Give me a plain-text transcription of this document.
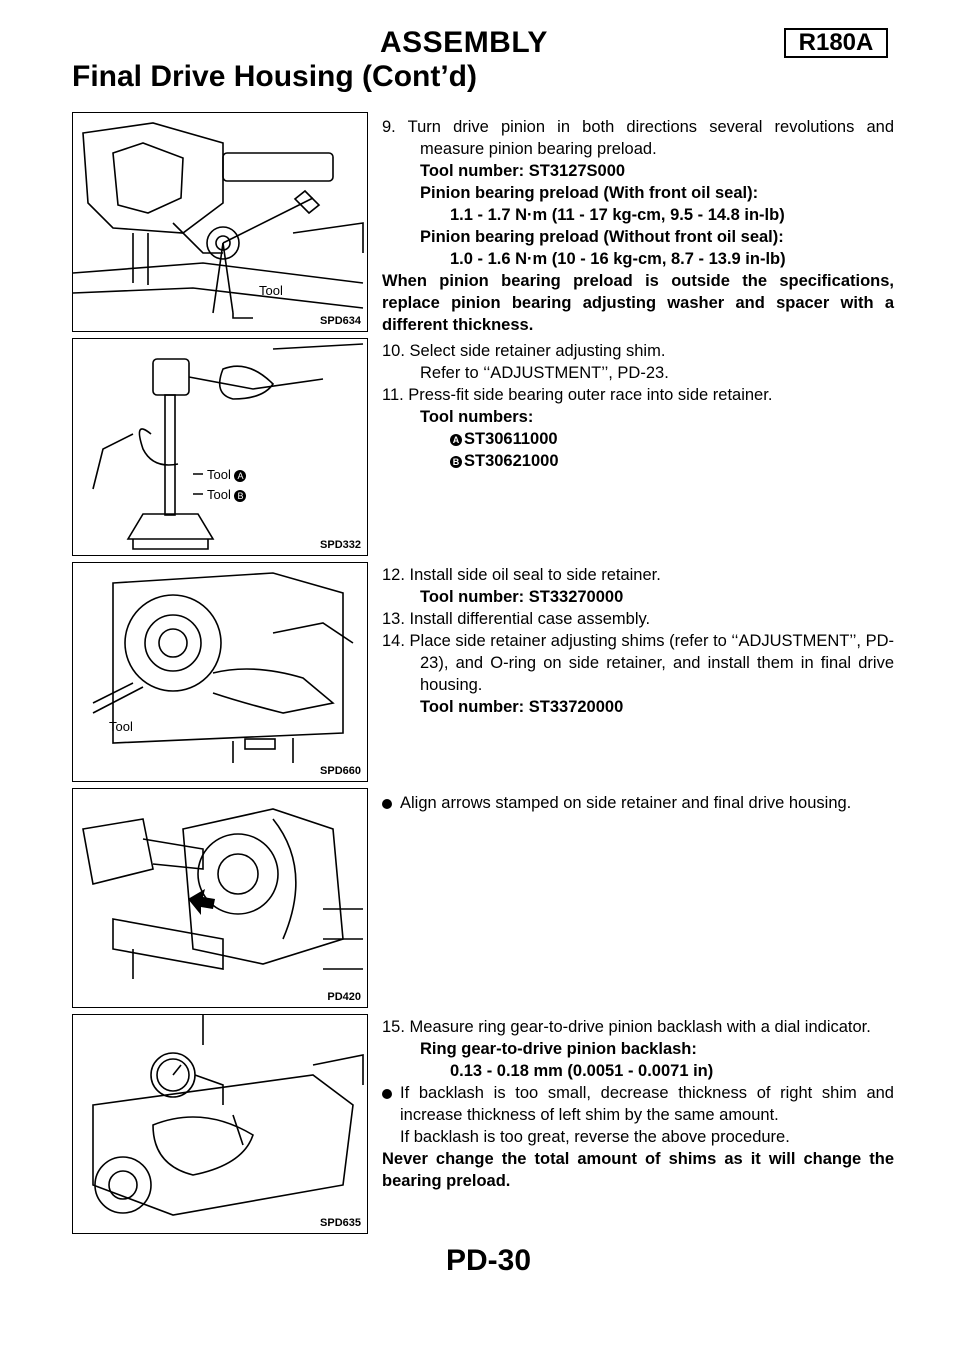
ASSEMBLY	R180A
Final Drive Housing (Cont’d)
Tool
SPD634
Tool A
Tool B
SPD332
Tool
SPD660
PD420
SPD635

9. Turn drive pinion in both directions several revolutions and measure pinion bearing preload.

Tool number: ST3127S000

Pinion bearing preload (With front oil seal):

1.1 - 1.7 N·m (11 - 17 kg-cm, 9.5 - 14.8 in-lb)

Pinion bearing preload (Without front oil seal):

1.0 - 1.6 N·m (10 - 16 kg-cm, 8.7 - 13.9 in-lb)

When pinion bearing preload is outside the specifications, replace pinion bearing adjusting washer and spacer with a different thickness.

10. Select side retainer adjusting shim.

Refer to ‘‘ADJUSTMENT’’, PD-23.

11. Press-fit side bearing outer race into side retainer.

Tool numbers:

A ST30611000

B ST30621000

12. Install side oil seal to side retainer.

Tool number: ST33270000

13. Install differential case assembly.

14. Place side retainer adjusting shims (refer to ‘‘ADJUSTMENT’’, PD-23), and O-ring on side retainer, and install them in final drive housing.

Tool number: ST33720000

Align arrows stamped on side retainer and final drive housing.

15. Measure ring gear-to-drive pinion backlash with a dial indicator.

Ring gear-to-drive pinion backlash:

0.13 - 0.18 mm (0.0051 - 0.0071 in)

If backlash is too small, decrease thickness of right shim and increase thickness of left shim by the same amount.

If backlash is too great, reverse the above procedure.

Never change the total amount of shims as it will change the bearing preload.

PD-30
